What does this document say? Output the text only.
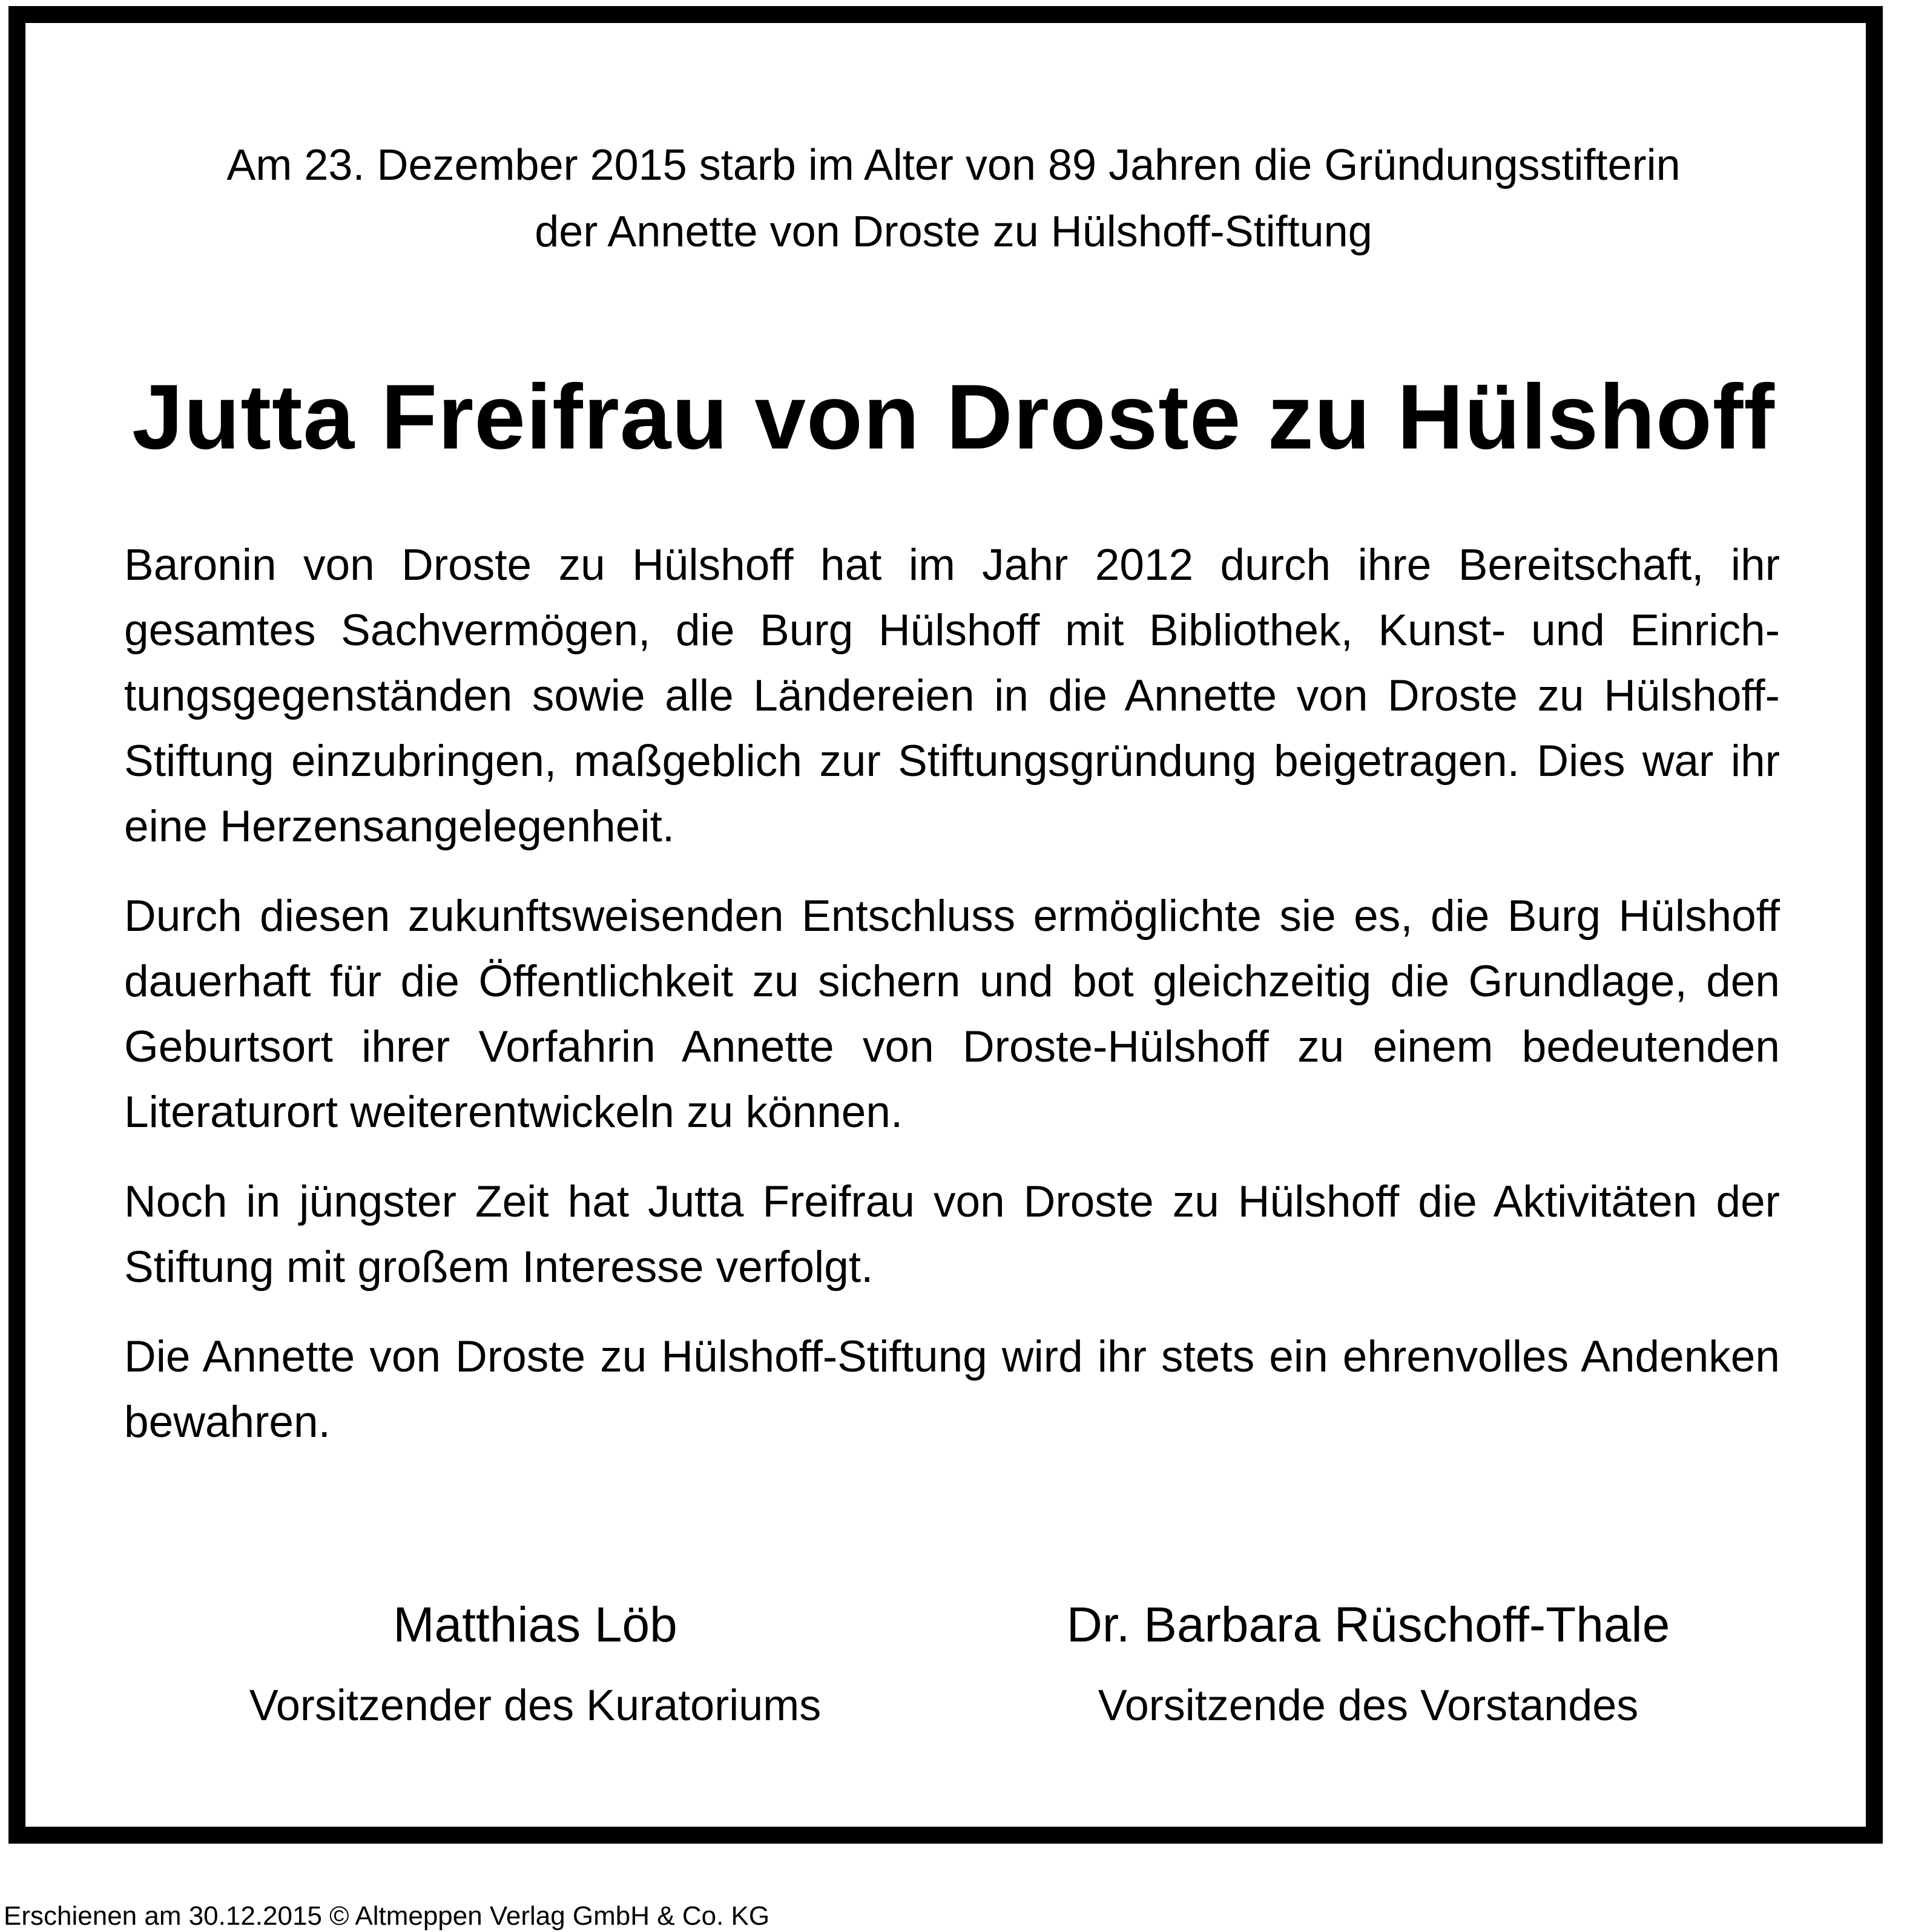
Am 23. Dezember 2015 starb im Alter von 89 Jahren die Gründungsstifterin
der Annette von Droste zu Hülshoff-Stiftung
Jutta Freifrau von Droste zu Hülshoff

Baronin von Droste zu Hülshoff hat im Jahr 2012 durch ihre Bereitschaft, ihr gesamtes Sachvermögen, die Burg Hülshoff mit Bibliothek, Kunst- und Einrichtungsgegenständen sowie alle Ländereien in die Annette von Droste zu Hülshoff-Stiftung einzubringen, maßgeblich zur Stiftungsgründung beigetragen. Dies war ihr eine Herzensangelegenheit.

Durch diesen zukunftsweisenden Entschluss ermöglichte sie es, die Burg Hülshoff dauerhaft für die Öffentlichkeit zu sichern und bot gleichzeitig die Grundlage, den Geburtsort ihrer Vorfahrin Annette von Droste-Hülshoff zu einem bedeutenden Literaturort weiterentwickeln zu können.

Noch in jüngster Zeit hat Jutta Freifrau von Droste zu Hülshoff die Aktivitäten der Stiftung mit großem Interesse verfolgt.

Die Annette von Droste zu Hülshoff-Stiftung wird ihr stets ein ehrenvolles Andenken bewahren.

Matthias Löb
Vorsitzender des Kuratoriums
Dr. Barbara Rüschoff-Thale
Vorsitzende des Vorstandes
Erschienen am 30.12.2015 © Altmeppen Verlag GmbH & Co. KG
